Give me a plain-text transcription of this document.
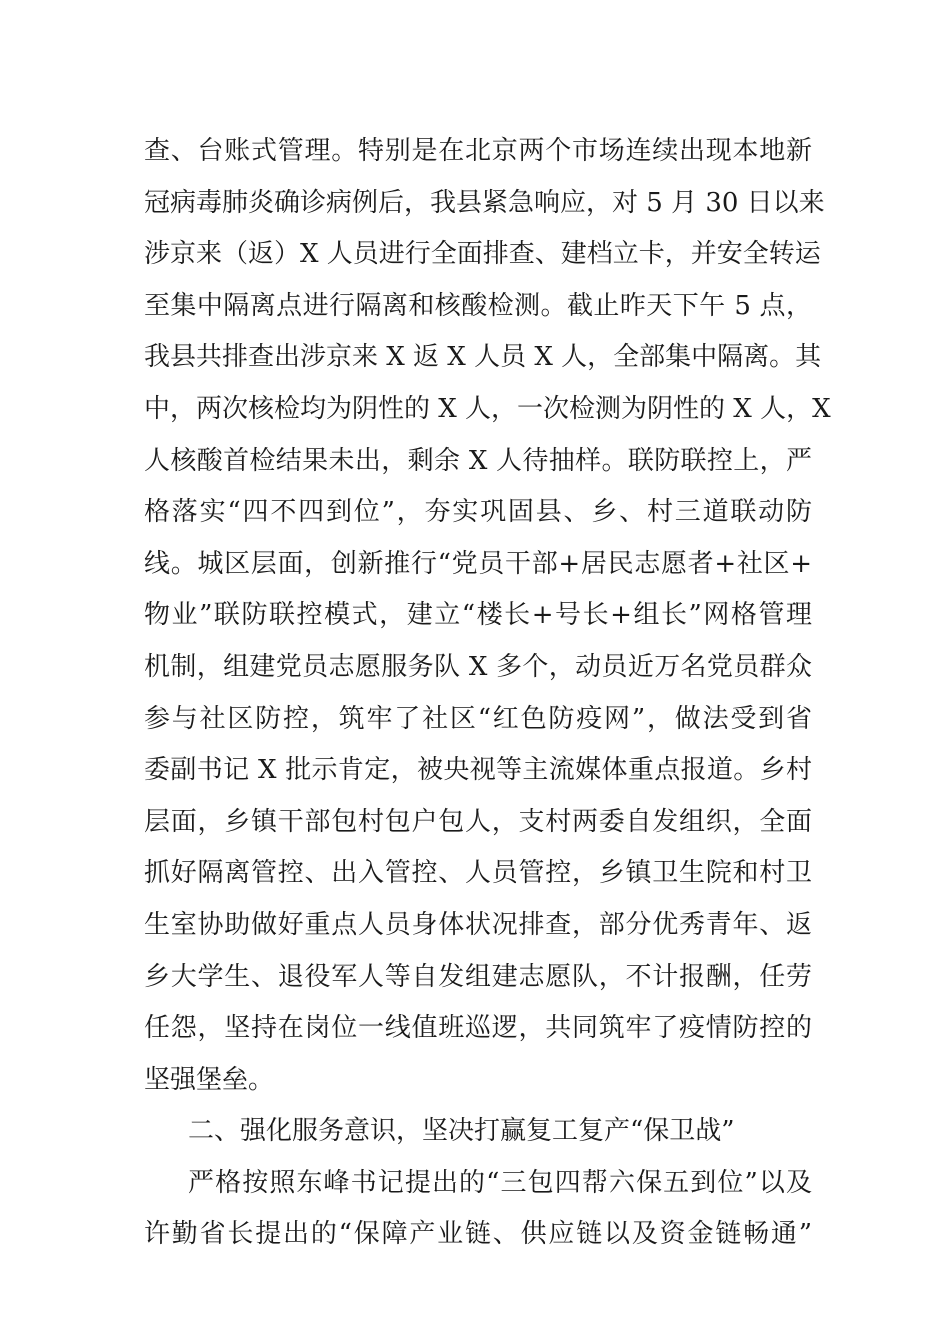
查、台账式管理。特别是在北京两个市场连续出现本地新
冠病毒肺炎确诊病例后，我县紧急响应，对 5 月 30 日以来
涉京来（返）X 人员进行全面排查、建档立卡，并安全转运
至集中隔离点进行隔离和核酸检测。截止昨天下午 5 点，
我县共排查出涉京来 X 返 X 人员 X 人，全部集中隔离。其
中，两次核检均为阴性的 X 人，一次检测为阴性的 X 人，X
人核酸首检结果未出，剩余 X 人待抽样。联防联控上，严
格落实“四不四到位”，夯实巩固县、乡、村三道联动防
线。城区层面，创新推行“党员干部+居民志愿者+社区+
物业”联防联控模式，建立“楼长+号长+组长”网格管理
机制，组建党员志愿服务队 X 多个，动员近万名党员群众
参与社区防控，筑牢了社区“红色防疫网”，做法受到省
委副书记 X 批示肯定，被央视等主流媒体重点报道。乡村
层面，乡镇干部包村包户包人，支村两委自发组织，全面
抓好隔离管控、出入管控、人员管控，乡镇卫生院和村卫
生室协助做好重点人员身体状况排查，部分优秀青年、返
乡大学生、退役军人等自发组建志愿队，不计报酬，任劳
任怨，坚持在岗位一线值班巡逻，共同筑牢了疫情防控的
坚强堡垒。
二、强化服务意识，坚决打赢复工复产“保卫战”
严格按照东峰书记提出的“三包四帮六保五到位”以及
许勤省长提出的“保障产业链、供应链以及资金链畅通”
